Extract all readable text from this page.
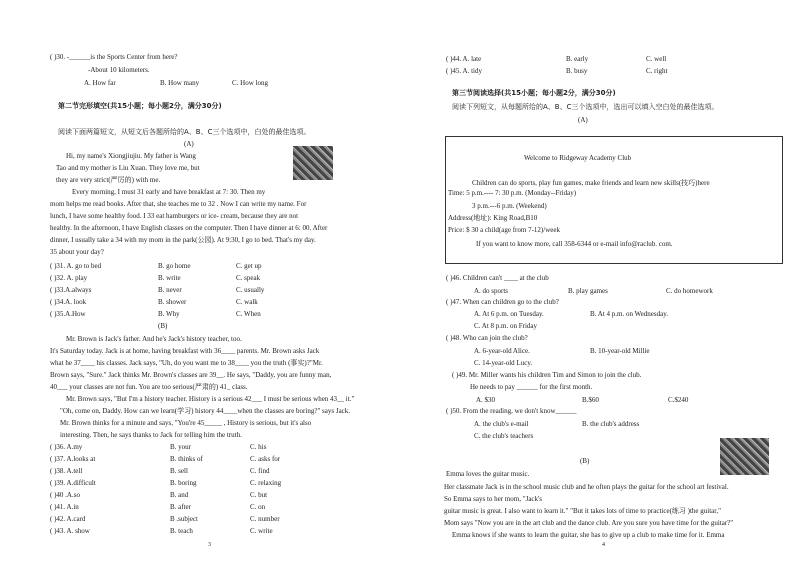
( )30. -______is the Sports Center from here?
-About 10 kilometers.
A. How far	B. How many	C. How long
第二节完形填空(共15小题；每小题2分，满分30分)
阅读下面两篇短文，从短文后各题所给的A、B、C三个选项中，白处的最佳选项。
(A)
Hi, my name's Xiongjiujiu. My father is Wang
Tao and my mother is Liu Xuan. They love me, but
they are very strict(严厉的) with me.
Every morning, I must 31 early and have breakfast at 7: 30. Then my
mom helps me read books. After that, she teaches me to 32 . Now I can write my name. For
lunch, I have some healthy food. I 33 eat hamburgers or ice- cream, because they are not
healthy. In the afternoon, I have English classes on the computer. Then I have dinner at 6: 00. After
dinner, I usually take a 34 with my mom in the park(公园). At 9:30, I go to bed. That's my day.
35 about your day?
( )31. A. go to bed	B. go home	C. get up
( )32. A. play	B. write	C. speak
( )33.A.always	B. never	C. usually
( )34.A. look	B. shower	C. walk
( )35.A.How	B. Why	C. When
(B)
Mr. Brown is Jack's father. And he's Jack's history teacher, too.
It's Saturday today. Jack is at home, having breakfast with 36____ parents. Mr. Brown asks Jack
what he 37____ his classes. Jack says, "Uh, do you want me to 38____ you the truth (事实)?"Mr.
Brown says, "Sure." Jack thinks Mr. Brown's classes are 39__. He says, "Daddy, you are funny man,
40___ your classes are not fun. You are too serious(严肃的) 41_ class.
Mr. Brown says, "But I'm a history teacher. History is a serious 42___ I must be serious when 43__ it."
"Oh, come on, Daddy. How can we learn(学习) history 44____when the classes are boring?" says Jack.
Mr. Brown thinks for a minute and says, "You're 45_____ , History is serious, but it's also
interesting. Then, he says thanks to Jack for telling him the truth.
( )36. A.my	B. your	C. his
( )37. A.looks at	B. thinks of	C. asks for
( )38. A.tell	B. sell	C. find
( )39. A.difficult	B. boring	C. relaxing
( )40 .A.so	B. and	C. but
( )41. A.in	B. after	C. on
( )42. A.card	B .subject	C. number
( )43. A. show	B. teach	C. write
3
( )44. A. late	B. early	C. well
( )45. A. tidy	B. busy	C. right
第三节阅读选择(共15小题；每小题2分，满分30分)
阅读下列短文，从每题所给的A、B、C三个选项中，选出可以填入空白处的最佳选项。
(A)
Welcome to Ridgeway Academy Club
Children can do sports, play fun games, make friends and learn new skills(技巧)here
Time: 5 p.m.---- 7: 30 p.m. (Monday--Friday)
3 p.m.---6 p.m. (Weekend)
Address(地址): King Road,B10
Price: $ 30 a child(age from 7-12)/week
If you want to know more, call 358-6344 or e-mail info@raclub. com.
( )46. Children can't ____ at the club
A. do sports	B. play games	C. do homework
( )47. When can children go to the club?
A. At 6 p.m. on Tuesday.	B. At 4 p.m. on Wednesday.
C. At 8 p.m. on Friday
( )48. Who can join the club?
A. 6-year-old Alice.	B. 10-year-old Millie
C. 14-year-old Lucy.
( )49. Mr. Miller wants his children Tim and Simon to join the club.
He needs to pay ______ for the first month.
A. $30	B.$60	C.$240
( )50. From the reading, we don't know______
A. the club's e-mail	B. the club's address
C. the club's teachers
(B)
Emma loves the guitar music.
Her classmate Jack is in the school music club and he often plays the guitar for the school art festival.
So Emma says to her mom, "Jack's
guitar music is great. I also want to learn it." "But it takes lots of time to practice(练习 )the guitar,"
Mom says "Now you are in the art club and the dance club. Are you sure you have time for the guitar?"
Emma knows if she wants to learn the guitar, she has to give up a club to make time for it. Emma
4
